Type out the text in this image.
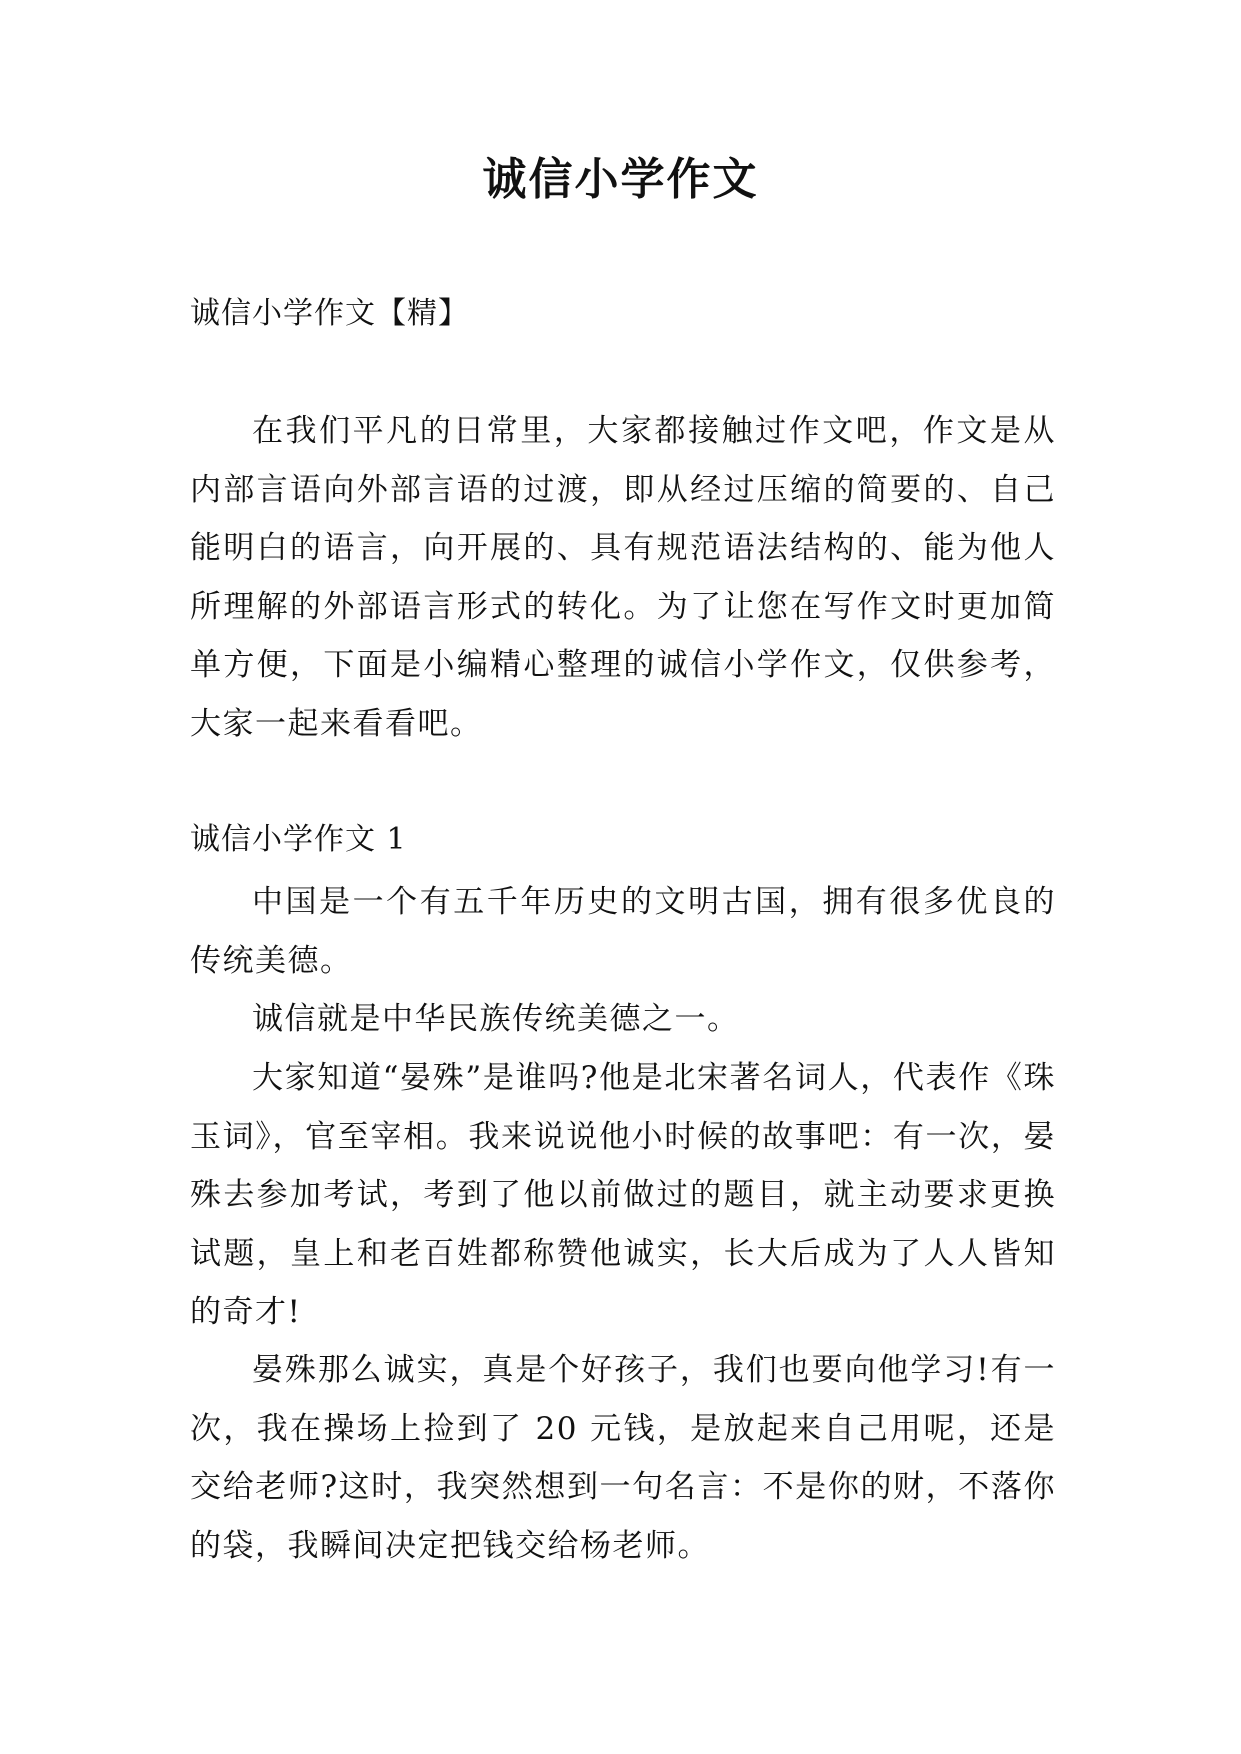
诚信小学作文

诚信小学作文【精】

在我们平凡的日常里，大家都接触过作文吧，作文是从内部言语向外部言语的过渡，即从经过压缩的简要的、自己能明白的语言，向开展的、具有规范语法结构的、能为他人所理解的外部语言形式的转化。为了让您在写作文时更加简单方便，下面是小编精心整理的诚信小学作文，仅供参考，大家一起来看看吧。

诚信小学作文 1

中国是一个有五千年历史的文明古国，拥有很多优良的传统美德。

诚信就是中华民族传统美德之一。

大家知道“晏殊”是谁吗?他是北宋著名词人，代表作《珠玉词》，官至宰相。我来说说他小时候的故事吧：有一次，晏殊去参加考试，考到了他以前做过的题目，就主动要求更换试题，皇上和老百姓都称赞他诚实，长大后成为了人人皆知的奇才!

晏殊那么诚实，真是个好孩子，我们也要向他学习!有一次，我在操场上捡到了 20 元钱，是放起来自己用呢，还是交给老师?这时，我突然想到一句名言：不是你的财，不落你的袋，我瞬间决定把钱交给杨老师。
